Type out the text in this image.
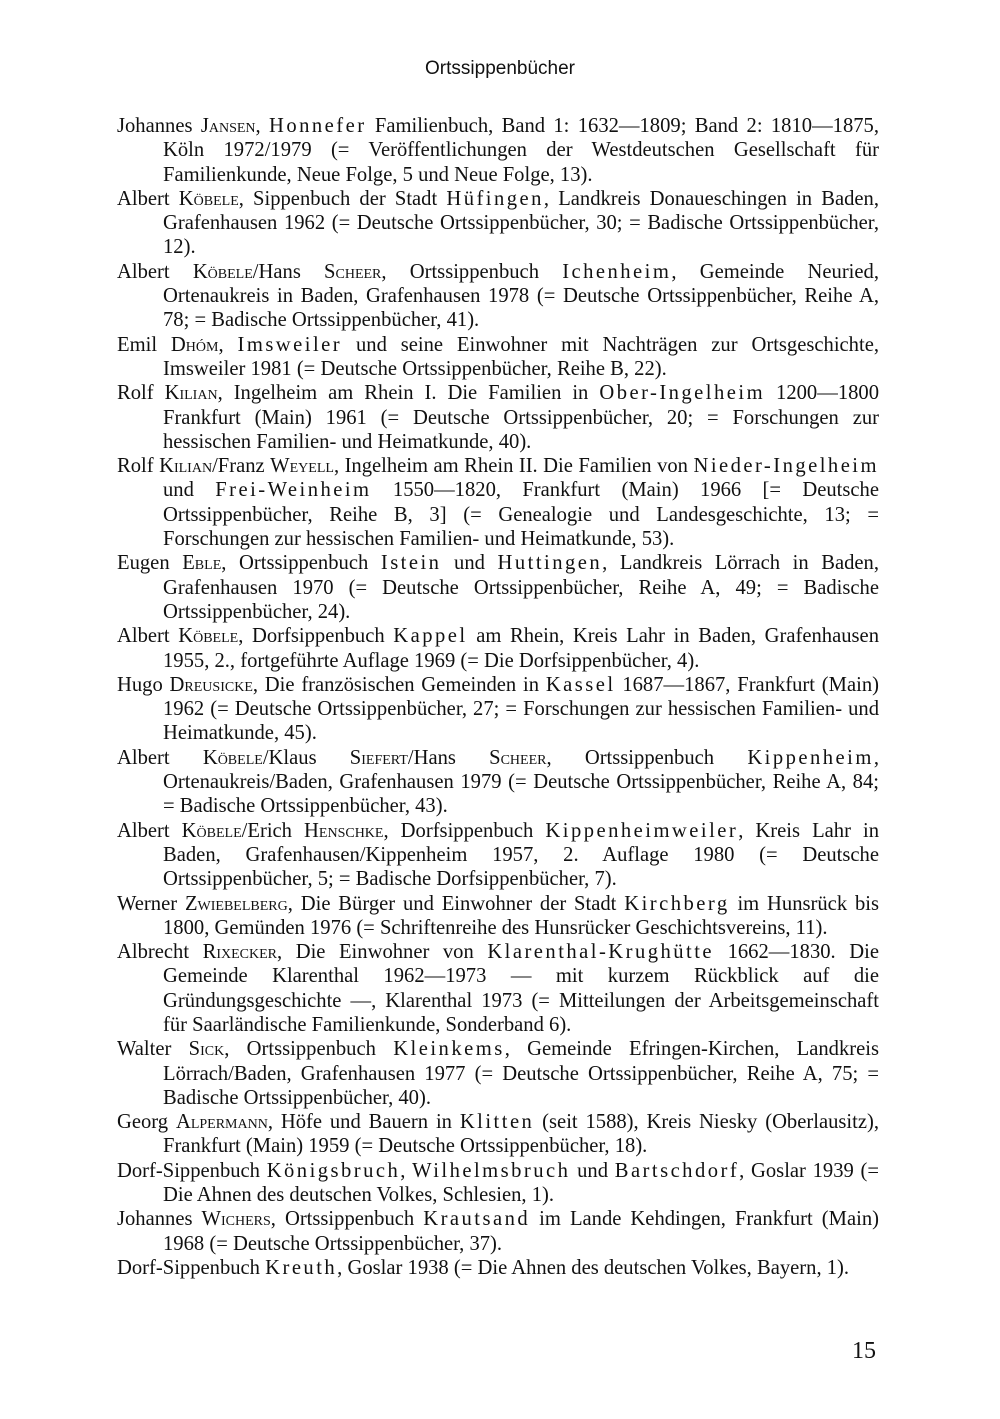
Ortssippenbücher

Johannes Jansen, Honnefer Familienbuch, Band 1: 1632—1809; Band 2: 1810—1875, Köln 1972/1979 (= Veröffentlichungen der Westdeutschen Gesellschaft für Familienkunde, Neue Folge, 5 und Neue Folge, 13).

Albert Köbele, Sippenbuch der Stadt Hüfingen, Landkreis Donaueschingen in Baden, Grafenhausen 1962 (= Deutsche Ortssippenbücher, 30; = Badische Ortssippenbücher, 12).

Albert Köbele/Hans Scheer, Ortssippenbuch Ichenheim, Gemeinde Neuried, Ortenaukreis in Baden, Grafenhausen 1978 (= Deutsche Ortssippenbücher, Reihe A, 78; = Badische Ortssippenbücher, 41).

Emil Dhóm, Imsweiler und seine Einwohner mit Nachträgen zur Ortsgeschichte, Imsweiler 1981 (= Deutsche Ortssippenbücher, Reihe B, 22).

Rolf Kilian, Ingelheim am Rhein I. Die Familien in Ober-Ingelheim 1200—1800 Frankfurt (Main) 1961 (= Deutsche Ortssippenbücher, 20; = Forschungen zur hessischen Familien- und Heimatkunde, 40).

Rolf Kilian/Franz Weyell, Ingelheim am Rhein II. Die Familien von Nieder-Ingelheim und Frei-Weinheim 1550—1820, Frankfurt (Main) 1966 [= Deutsche Ortssippenbücher, Reihe B, 3] (= Genealogie und Landesgeschichte, 13; = Forschungen zur hessischen Familien- und Heimatkunde, 53).

Eugen Eble, Ortssippenbuch Istein und Huttingen, Landkreis Lörrach in Baden, Grafenhausen 1970 (= Deutsche Ortssippenbücher, Reihe A, 49; = Badische Ortssippenbücher, 24).

Albert Köbele, Dorfsippenbuch Kappel am Rhein, Kreis Lahr in Baden, Grafenhausen 1955, 2., fortgeführte Auflage 1969 (= Die Dorfsippenbücher, 4).

Hugo Dreusicke, Die französischen Gemeinden in Kassel 1687—1867, Frankfurt (Main) 1962 (= Deutsche Ortssippenbücher, 27; = Forschungen zur hessischen Familien- und Heimatkunde, 45).

Albert Köbele/Klaus Siefert/Hans Scheer, Ortssippenbuch Kippenheim, Ortenaukreis/Baden, Grafenhausen 1979 (= Deutsche Ortssippenbücher, Reihe A, 84; = Badische Ortssippenbücher, 43).

Albert Köbele/Erich Henschke, Dorfsippenbuch Kippenheimweiler, Kreis Lahr in Baden, Grafenhausen/Kippenheim 1957, 2. Auflage 1980 (= Deutsche Ortssippenbücher, 5; = Badische Dorfsippenbücher, 7).

Werner Zwiebelberg, Die Bürger und Einwohner der Stadt Kirchberg im Hunsrück bis 1800, Gemünden 1976 (= Schriftenreihe des Hunsrücker Geschichtsvereins, 11).

Albrecht Rixecker, Die Einwohner von Klarenthal-Krughütte 1662—1830. Die Gemeinde Klarenthal 1962—1973 — mit kurzem Rückblick auf die Gründungsgeschichte —, Klarenthal 1973 (= Mitteilungen der Arbeitsgemeinschaft für Saarländische Familienkunde, Sonderband 6).

Walter Sick, Ortssippenbuch Kleinkems, Gemeinde Efringen-Kirchen, Landkreis Lörrach/Baden, Grafenhausen 1977 (= Deutsche Ortssippenbücher, Reihe A, 75; = Badische Ortssippenbücher, 40).

Georg Alpermann, Höfe und Bauern in Klitten (seit 1588), Kreis Niesky (Oberlausitz), Frankfurt (Main) 1959 (= Deutsche Ortssippenbücher, 18).

Dorf-Sippenbuch Königsbruch, Wilhelmsbruch und Bartschdorf, Goslar 1939 (= Die Ahnen des deutschen Volkes, Schlesien, 1).

Johannes Wichers, Ortssippenbuch Krautsand im Lande Kehdingen, Frankfurt (Main) 1968 (= Deutsche Ortssippenbücher, 37).

Dorf-Sippenbuch Kreuth, Goslar 1938 (= Die Ahnen des deutschen Volkes, Bayern, 1).

15
